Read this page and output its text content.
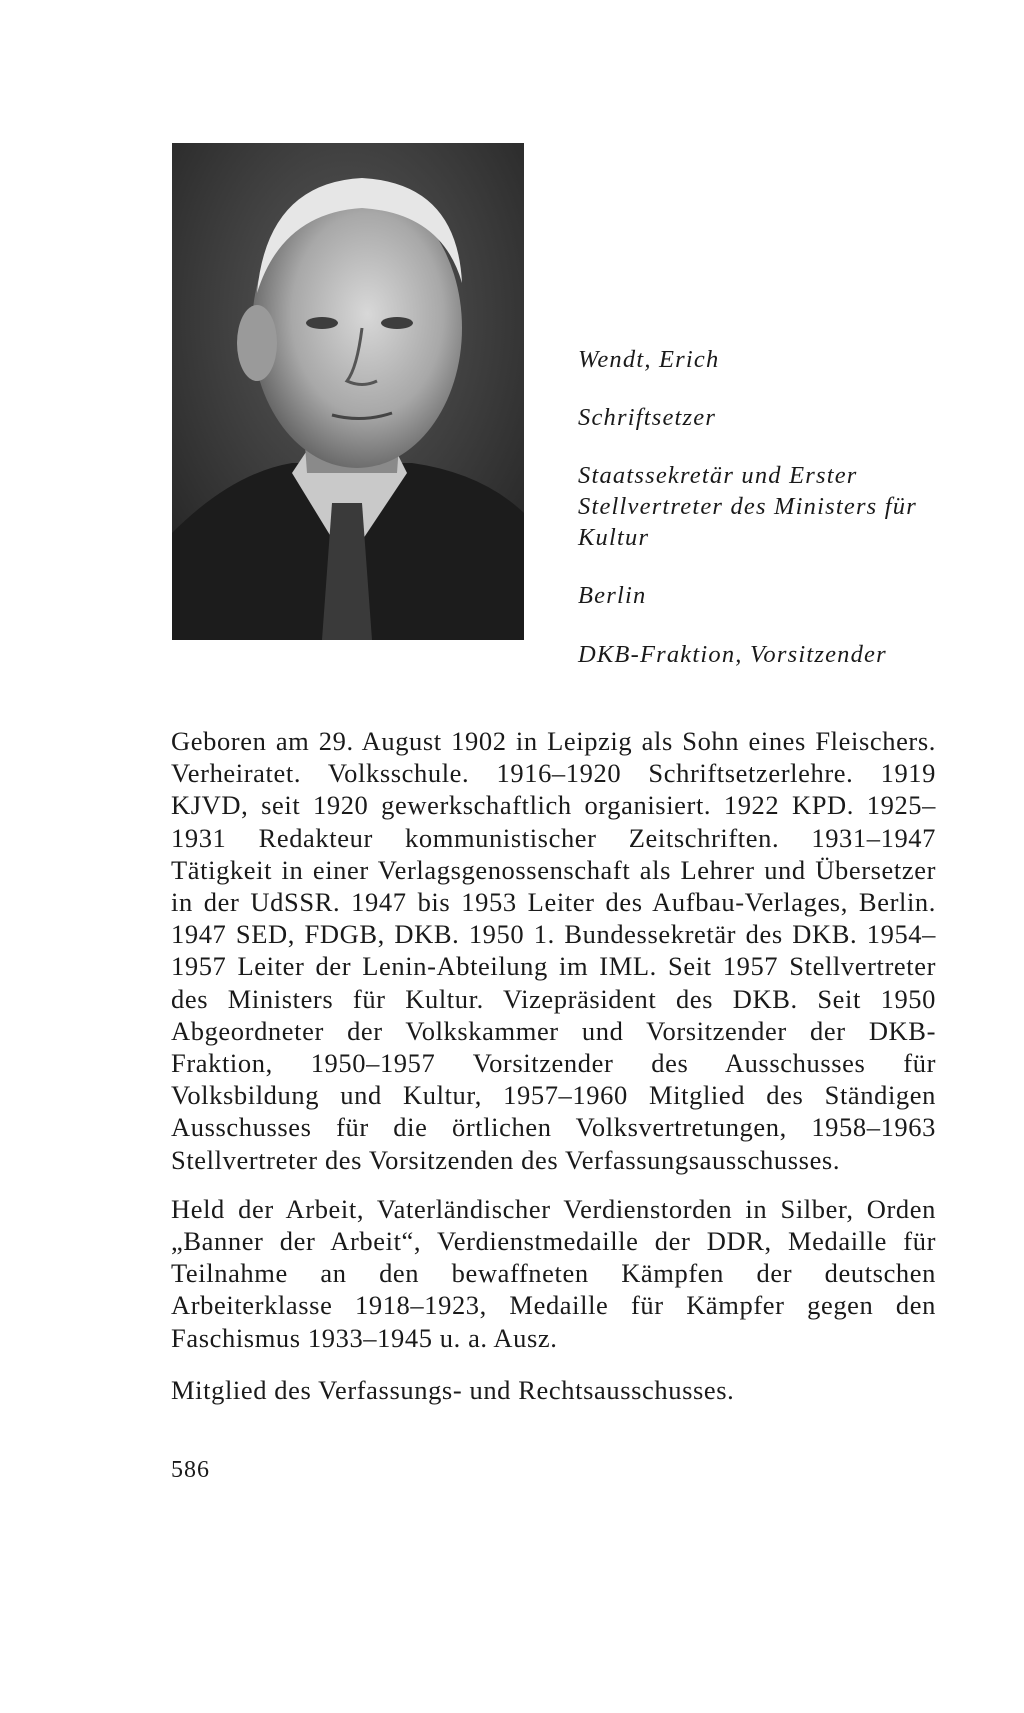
Wendt, Erich

Schriftsetzer

Staatssekretär und Erster Stellvertreter des Ministers für Kultur

Berlin

DKB-Fraktion, Vorsitzender

Geboren am 29. August 1902 in Leipzig als Sohn eines Fleischers. Verheiratet. Volksschule. 1916–1920 Schriftsetzerlehre. 1919 KJVD, seit 1920 gewerkschaftlich organisiert. 1922 KPD. 1925–1931 Redakteur kommunistischer Zeitschriften. 1931–1947 Tätigkeit in einer Verlagsgenossenschaft als Lehrer und Übersetzer in der UdSSR. 1947 bis 1953 Leiter des Aufbau-Verlages, Berlin. 1947 SED, FDGB, DKB. 1950 1. Bundessekretär des DKB. 1954–1957 Leiter der Lenin-Abteilung im IML. Seit 1957 Stellvertreter des Ministers für Kultur. Vizepräsident des DKB. Seit 1950 Abgeordneter der Volkskammer und Vorsitzender der DKB-Fraktion, 1950–1957 Vorsitzender des Ausschusses für Volksbildung und Kultur, 1957–1960 Mitglied des Ständigen Ausschusses für die örtlichen Volksvertretungen, 1958–1963 Stellvertreter des Vorsitzenden des Verfassungsausschusses.

Held der Arbeit, Vaterländischer Verdienstorden in Silber, Orden „Banner der Arbeit“, Verdienstmedaille der DDR, Medaille für Teilnahme an den bewaffneten Kämpfen der deutschen Arbeiterklasse 1918–1923, Medaille für Kämpfer gegen den Faschismus 1933–1945 u. a. Ausz.

Mitglied des Verfassungs- und Rechtsausschusses.

586
